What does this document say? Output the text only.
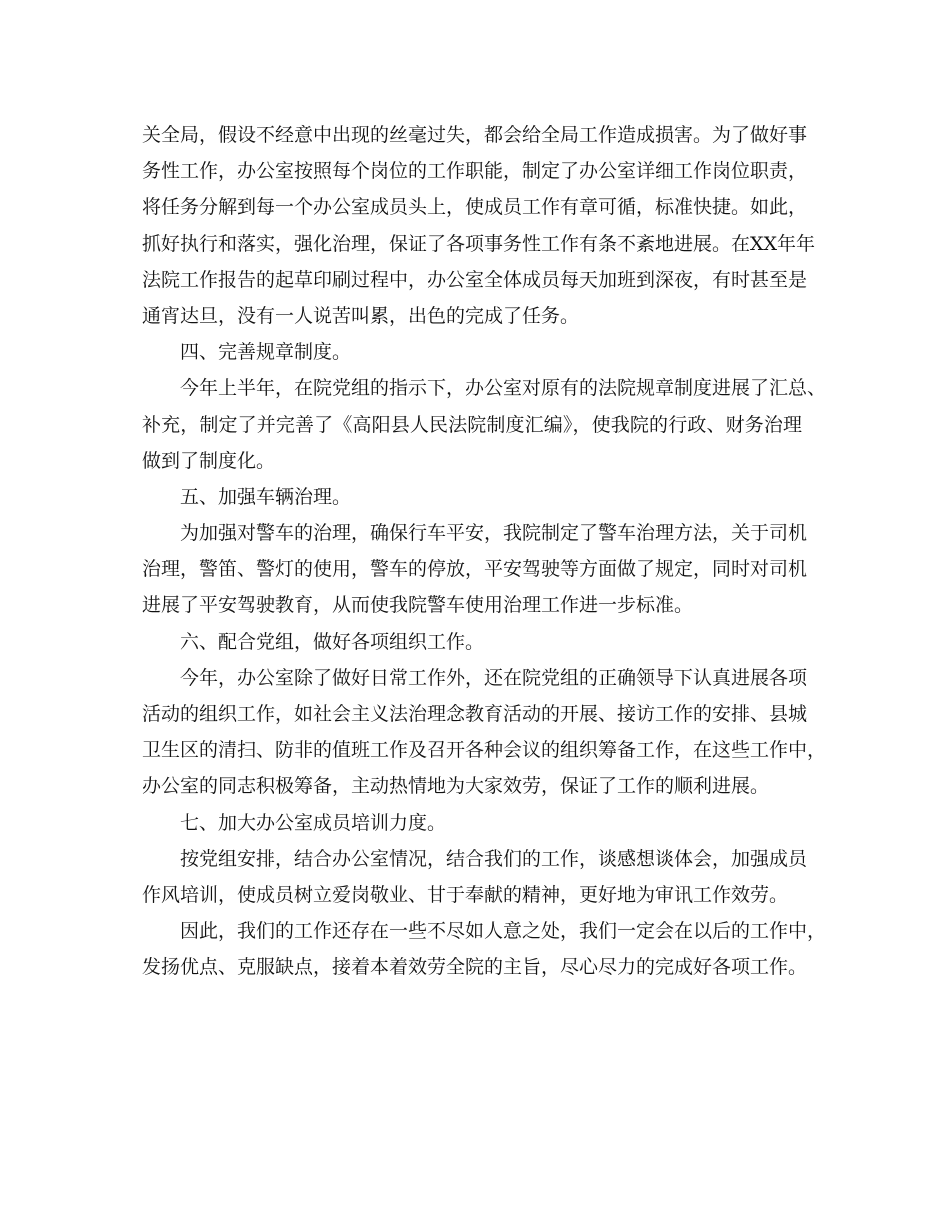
关全局，假设不经意中出现的丝毫过失，都会给全局工作造成损害。为了做好事
务性工作，办公室按照每个岗位的工作职能，制定了办公室详细工作岗位职责，
将任务分解到每一个办公室成员头上，使成员工作有章可循，标准快捷。如此，
抓好执行和落实，强化治理，保证了各项事务性工作有条不紊地进展。在XX年年
法院工作报告的起草印刷过程中，办公室全体成员每天加班到深夜，有时甚至是
通宵达旦，没有一人说苦叫累，出色的完成了任务。
四、完善规章制度。
今年上半年，在院党组的指示下，办公室对原有的法院规章制度进展了汇总、
补充，制定了并完善了《高阳县人民法院制度汇编》，使我院的行政、财务治理
做到了制度化。
五、加强车辆治理。
为加强对警车的治理，确保行车平安，我院制定了警车治理方法，关于司机
治理，警笛、警灯的使用，警车的停放，平安驾驶等方面做了规定，同时对司机
进展了平安驾驶教育，从而使我院警车使用治理工作进一步标准。
六、配合党组，做好各项组织工作。
今年，办公室除了做好日常工作外，还在院党组的正确领导下认真进展各项
活动的组织工作，如社会主义法治理念教育活动的开展、接访工作的安排、县城
卫生区的清扫、防非的值班工作及召开各种会议的组织筹备工作，在这些工作中，
办公室的同志积极筹备，主动热情地为大家效劳，保证了工作的顺利进展。
七、加大办公室成员培训力度。
按党组安排，结合办公室情况，结合我们的工作，谈感想谈体会，加强成员
作风培训，使成员树立爱岗敬业、甘于奉献的精神，更好地为审讯工作效劳。
因此，我们的工作还存在一些不尽如人意之处，我们一定会在以后的工作中，
发扬优点、克服缺点，接着本着效劳全院的主旨，尽心尽力的完成好各项工作。
